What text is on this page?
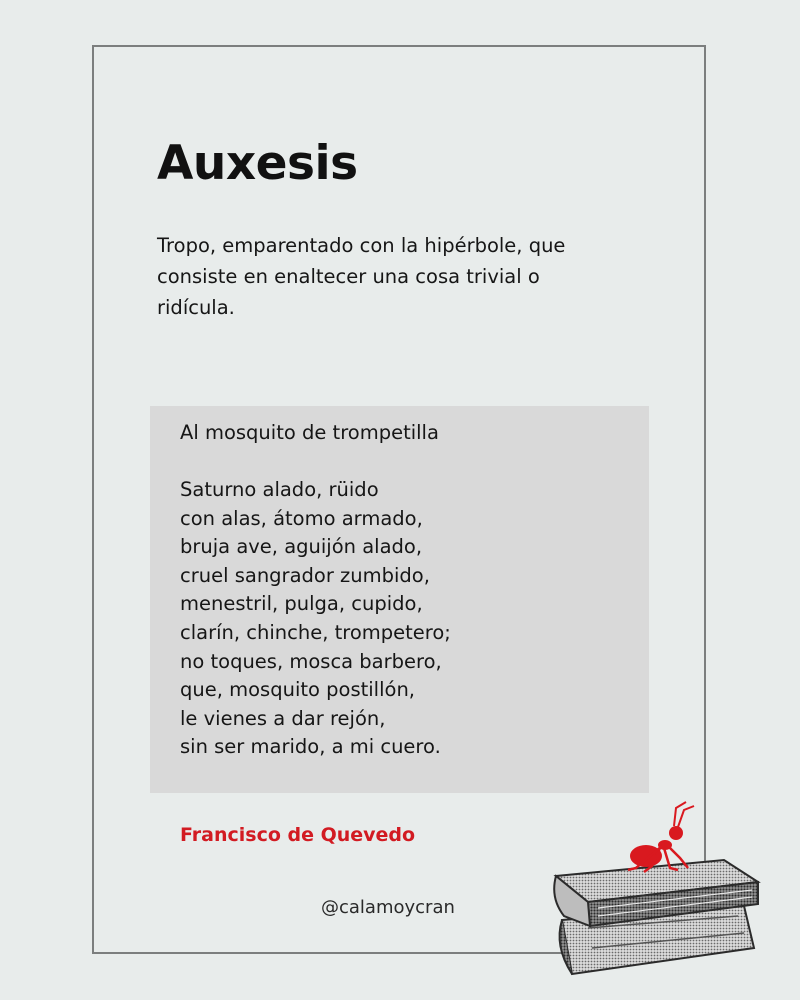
Auxesis

Tropo, emparentado con la hipérbole, que consiste en enaltecer una cosa trivial o ridícula.

Al mosquito de trompetilla

Saturno alado, rüido
con alas, átomo armado,
bruja ave, aguijón alado,
cruel sangrador zumbido,
menestril, pulga, cupido,
clarín, chinche, trompetero;
no toques, mosca barbero,
que, mosquito postillón,
le vienes a dar rejón,
sin ser marido, a mi cuero.
Francisco de Quevedo
@calamoycran
